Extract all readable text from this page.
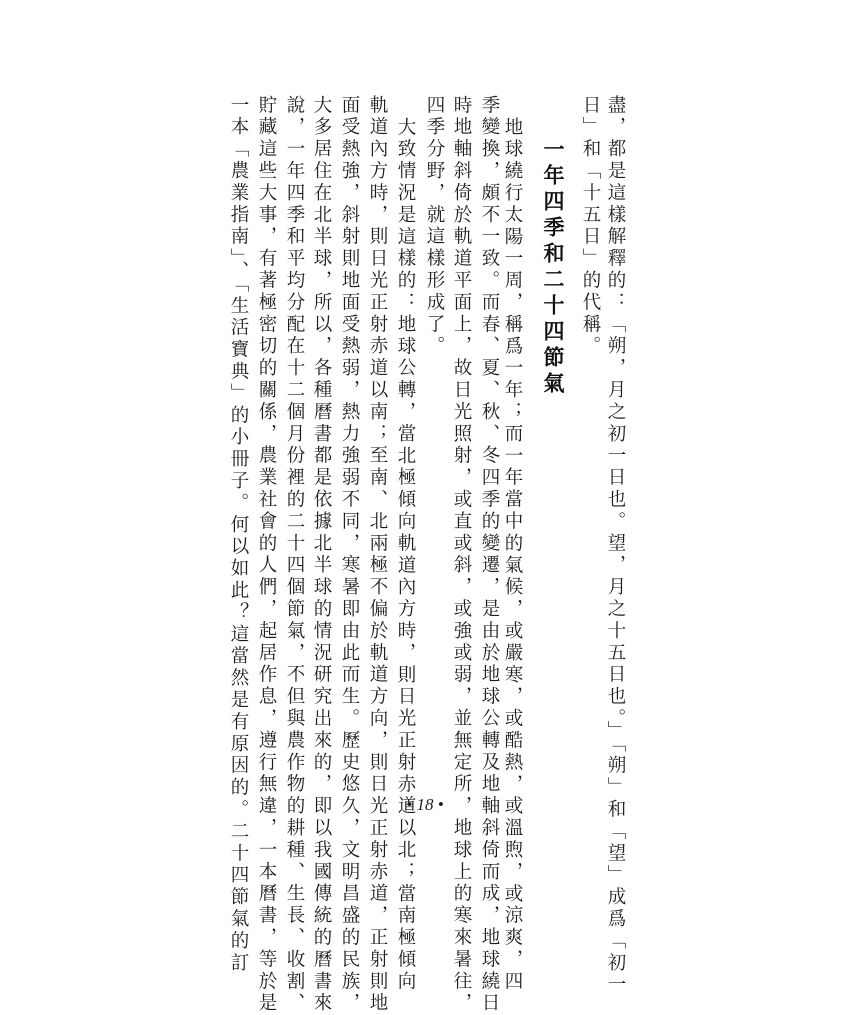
盡，都是這樣解釋的：「朔，月之初一日也。望，月之十五日也。」「朔」和「望」成爲「初一
日」和「十五日」的代稱。
一年四季和二十四節氣
地球繞行太陽一周，稱爲一年；而一年當中的氣候，或嚴寒，或酷熱，或溫煦，或涼爽，四
季變換，頗不一致。而春、夏、秋、冬四季的變遷，是由於地球公轉及地軸斜倚而成，地球繞日
時地軸斜倚於軌道平面上，故日光照射，或直或斜，或強或弱，並無定所，地球上的寒來暑往，
四季分野，就這樣形成了。
大致情況是這樣的：地球公轉，當北極傾向軌道內方時，則日光正射赤道以北；當南極傾向
軌道內方時，則日光正射赤道以南；至南、北兩極不偏於軌道方向，則日光正射赤道，正射則地
面受熱強，斜射則地面受熱弱，熱力強弱不同，寒暑即由此而生。歷史悠久，文明昌盛的民族，
大多居住在北半球，所以，各種曆書都是依據北半球的情況研究出來的，即以我國傳統的曆書來
說，一年四季和平均分配在十二個月份裡的二十四個節氣，不但與農作物的耕種、生長、收割、
貯藏這些大事，有著極密切的關係，農業社會的人們，起居作息，遵行無違，一本曆書，等於是
一本「農業指南」、「生活寶典」的小冊子。何以如此？這當然是有原因的。二十四節氣的訂	• 18 •
